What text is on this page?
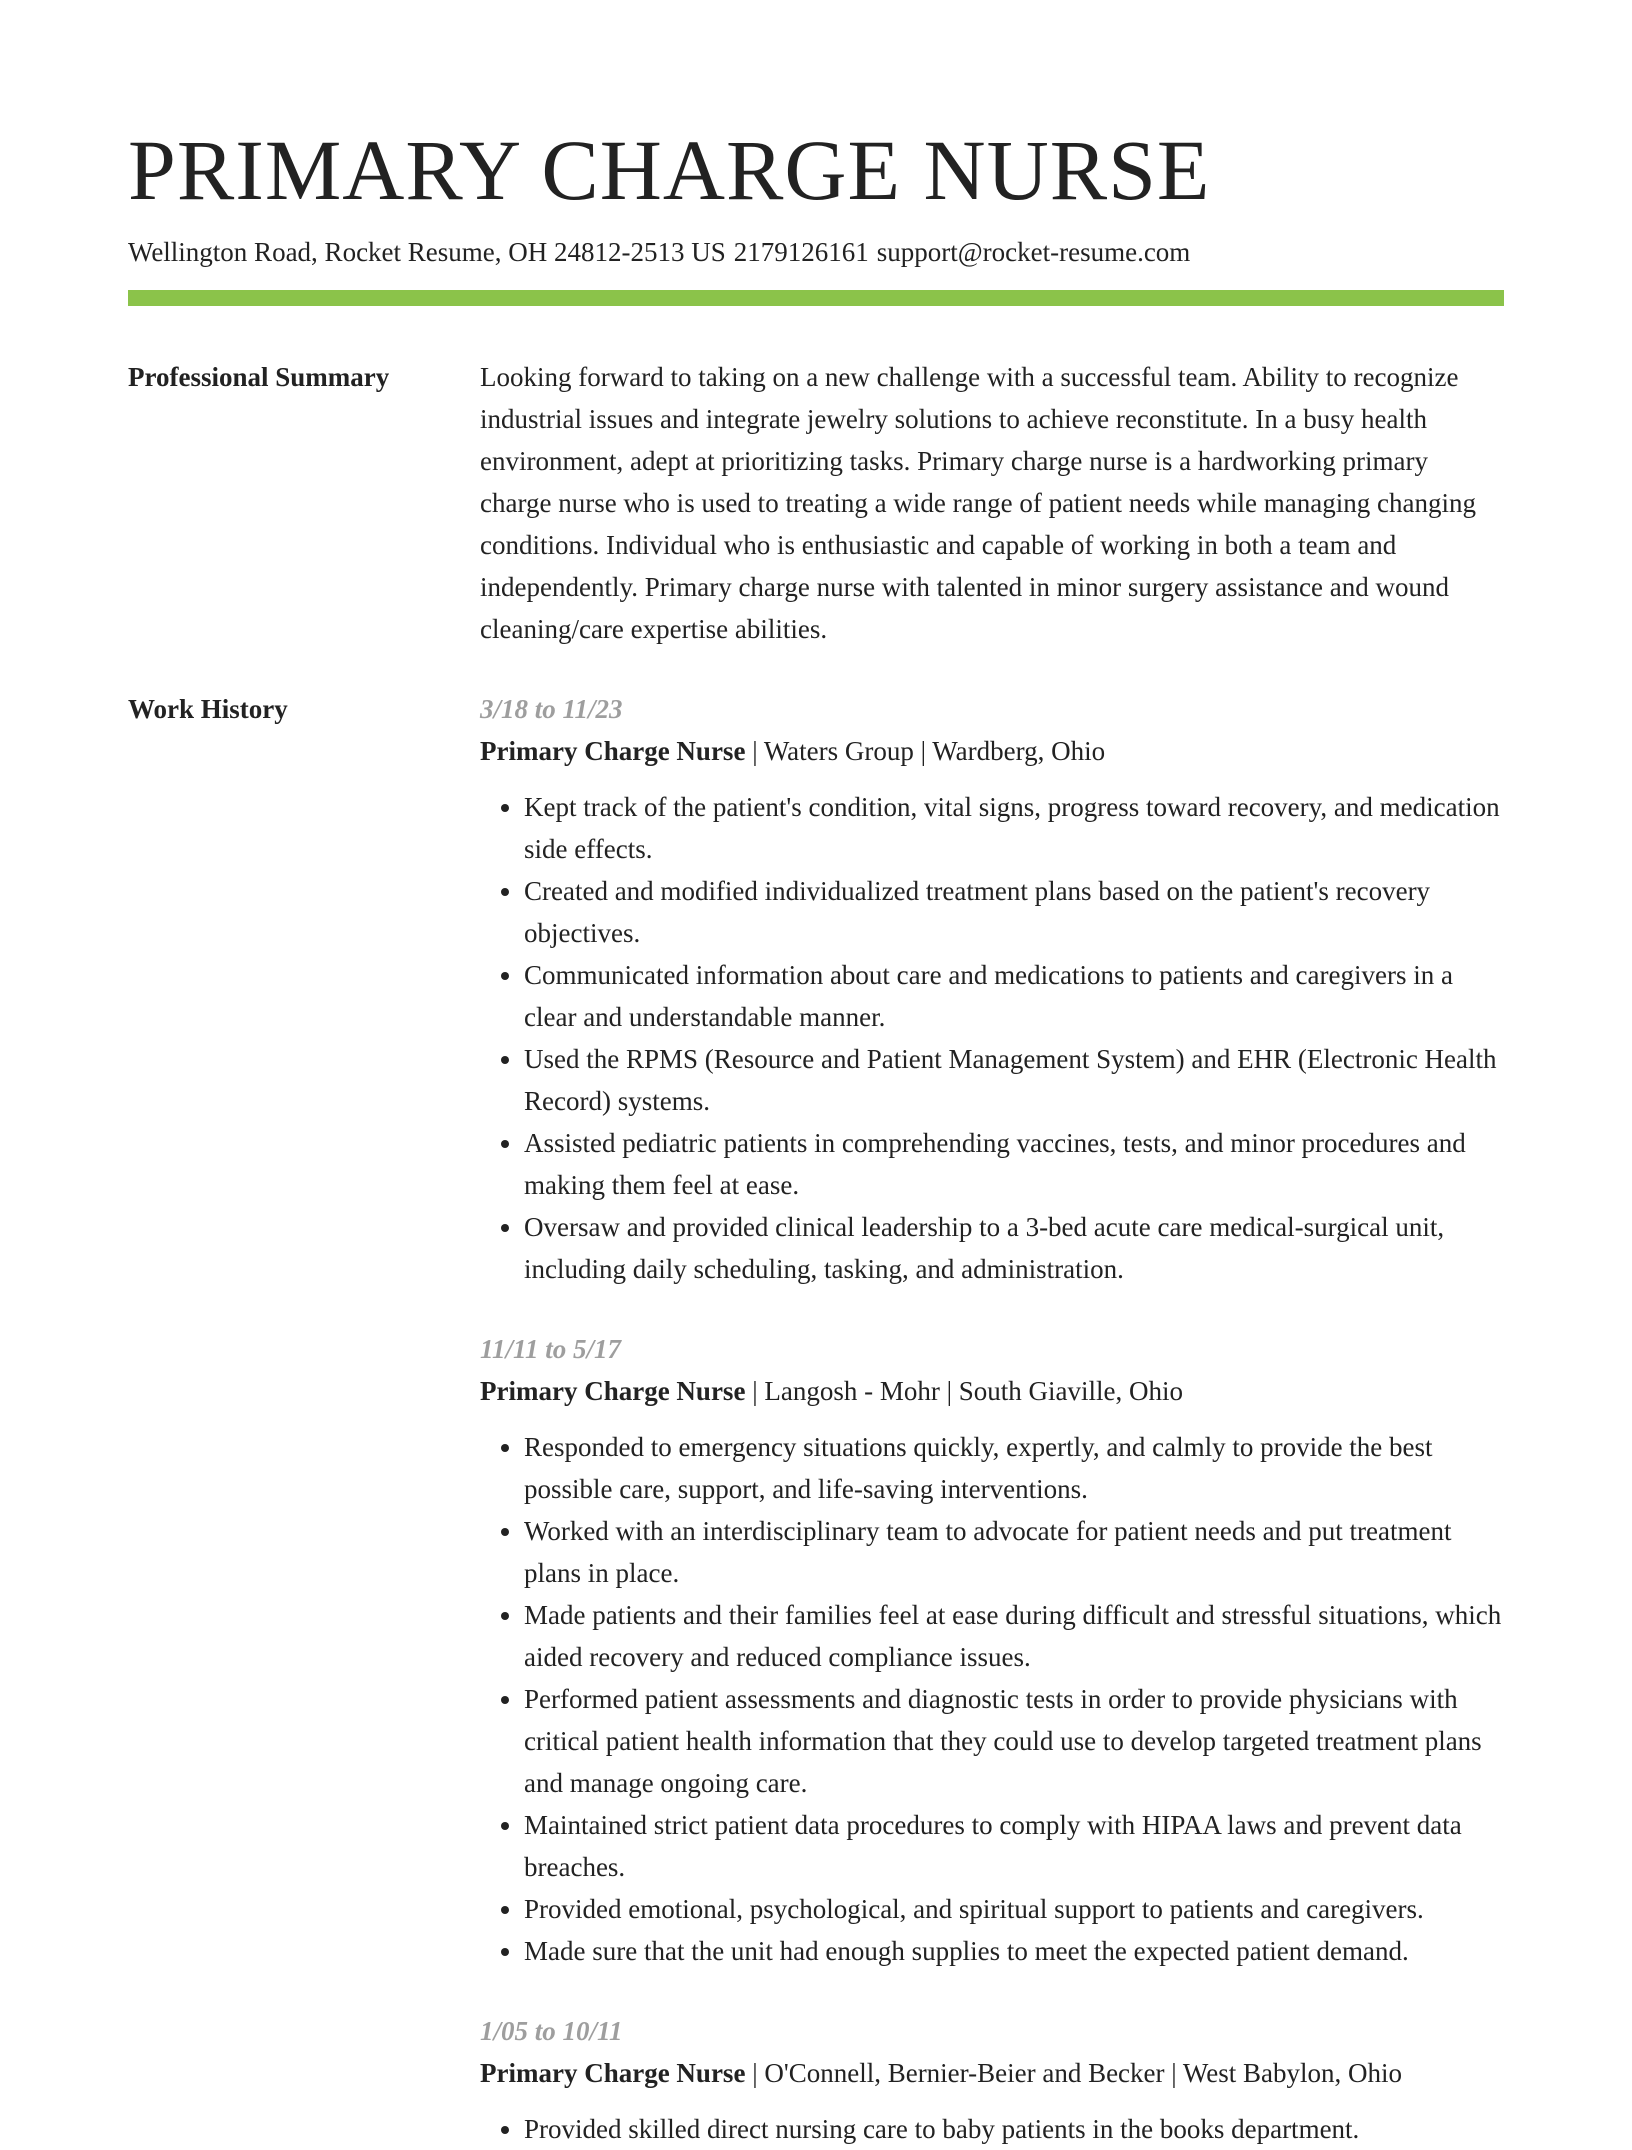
PRIMARY CHARGE NURSE
Wellington Road, Rocket Resume, OH 24812-2513 US 2179126161 support@rocket-resume.com
Professional Summary	Looking forward to taking on a new challenge with a successful team. Ability to recognize industrial issues and integrate jewelry solutions to achieve reconstitute. In a busy health environment, adept at prioritizing tasks. Primary charge nurse is a hardworking primary charge nurse who is used to treating a wide range of patient needs while managing changing conditions. Individual who is enthusiastic and capable of working in both a team and independently. Primary charge nurse with talented in minor surgery assistance and wound cleaning/care expertise abilities.

Work History	3/18 to 11/23
Primary Charge Nurse | Waters Group | Wardberg, Ohio
• Kept track of the patient's condition, vital signs, progress toward recovery, and medication side effects.
• Created and modified individualized treatment plans based on the patient's recovery objectives.
• Communicated information about care and medications to patients and caregivers in a clear and understandable manner.
• Used the RPMS (Resource and Patient Management System) and EHR (Electronic Health Record) systems.
• Assisted pediatric patients in comprehending vaccines, tests, and minor procedures and making them feel at ease.
• Oversaw and provided clinical leadership to a 3-bed acute care medical-surgical unit, including daily scheduling, tasking, and administration.
11/11 to 5/17
Primary Charge Nurse | Langosh - Mohr | South Giaville, Ohio
• Responded to emergency situations quickly, expertly, and calmly to provide the best possible care, support, and life-saving interventions.
• Worked with an interdisciplinary team to advocate for patient needs and put treatment plans in place.
• Made patients and their families feel at ease during difficult and stressful situations, which aided recovery and reduced compliance issues.
• Performed patient assessments and diagnostic tests in order to provide physicians with critical patient health information that they could use to develop targeted treatment plans and manage ongoing care.
• Maintained strict patient data procedures to comply with HIPAA laws and prevent data breaches.
• Provided emotional, psychological, and spiritual support to patients and caregivers.
• Made sure that the unit had enough supplies to meet the expected patient demand.
1/05 to 10/11
Primary Charge Nurse | O'Connell, Bernier-Beier and Becker | West Babylon, Ohio
• Provided skilled direct nursing care to baby patients in the books department.
